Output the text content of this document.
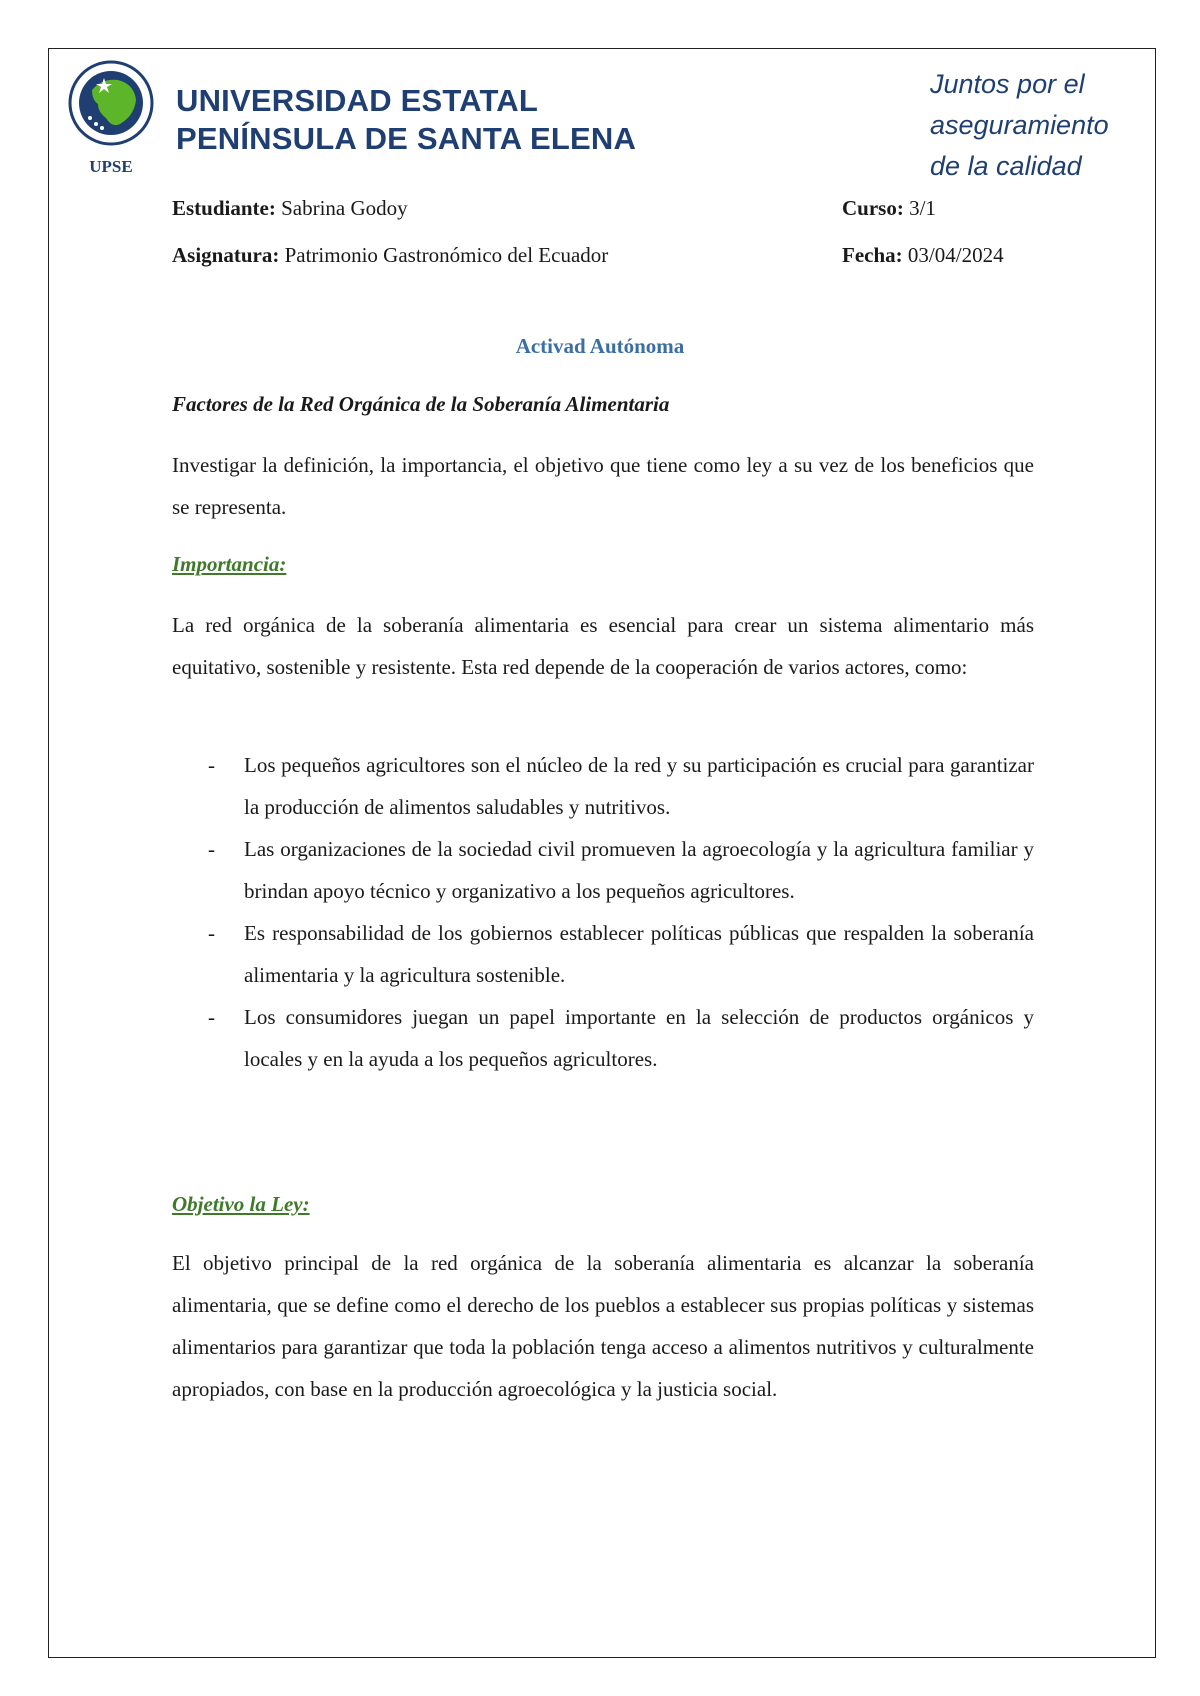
UPSE
UNIVERSIDAD ESTATAL
PENÍNSULA DE SANTA ELENA
Juntos por el
aseguramiento
de la calidad
Estudiante: Sabrina Godoy	Curso: 3/1
Asignatura: Patrimonio Gastronómico del Ecuador	Fecha: 03/04/2024
Activad Autónoma
Factores de la Red Orgánica de la Soberanía Alimentaria
Investigar la definición, la importancia, el objetivo que tiene como ley a su vez de los beneficios que se representa.
Importancia:
La red orgánica de la soberanía alimentaria es esencial para crear un sistema alimentario más equitativo, sostenible y resistente. Esta red depende de la cooperación de varios actores, como:
- Los pequeños agricultores son el núcleo de la red y su participación es crucial para garantizar la producción de alimentos saludables y nutritivos.
- Las organizaciones de la sociedad civil promueven la agroecología y la agricultura familiar y brindan apoyo técnico y organizativo a los pequeños agricultores.
- Es responsabilidad de los gobiernos establecer políticas públicas que respalden la soberanía alimentaria y la agricultura sostenible.
- Los consumidores juegan un papel importante en la selección de productos orgánicos y locales y en la ayuda a los pequeños agricultores.
Objetivo la Ley:
El objetivo principal de la red orgánica de la soberanía alimentaria es alcanzar la soberanía alimentaria, que se define como el derecho de los pueblos a establecer sus propias políticas y sistemas alimentarios para garantizar que toda la población tenga acceso a alimentos nutritivos y culturalmente apropiados, con base en la producción agroecológica y la justicia social.
